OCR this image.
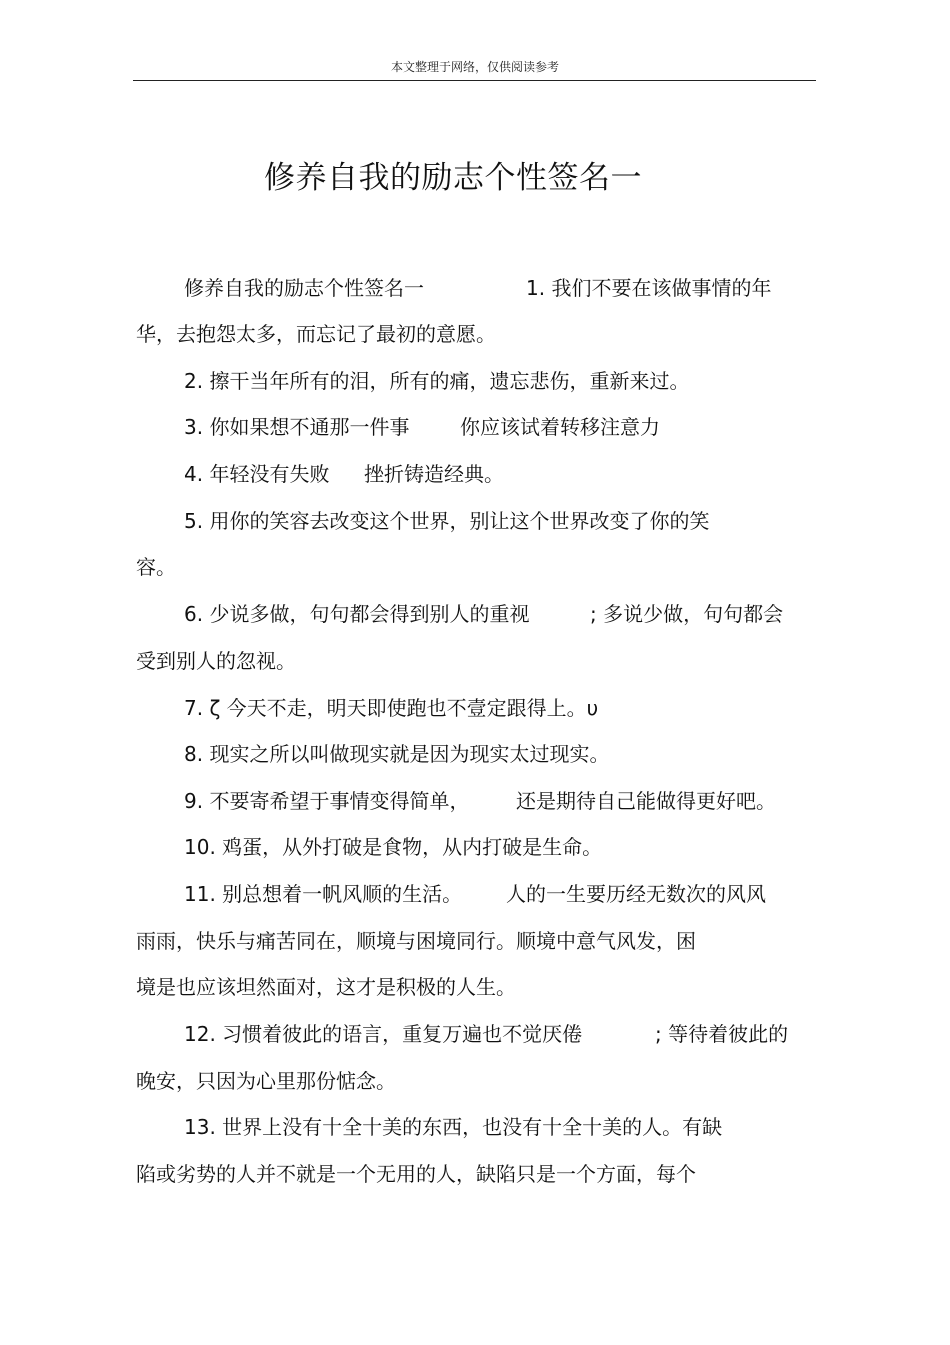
本文整理于网络，仅供阅读参考
修养自我的励志个性签名一
修养自我的励志个性签名一	1. 我们不要在该做事情的年
华，去抱怨太多，而忘记了最初的意愿。
2. 擦干当年所有的泪，所有的痛，遗忘悲伤，重新来过。
3. 你如果想不通那一件事	你应该试着转移注意力
4. 年轻没有失败 挫折铸造经典。
5. 用你的笑容去改变这个世界，别让这个世界改变了你的笑
容。
6. 少说多做，句句都会得到别人的重视	; 多说少做，句句都会
受到别人的忽视。
7. ζ 今天不走，明天即使跑也不壹定跟得上。υ
8. 现实之所以叫做现实就是因为现实太过现实。
9. 不要寄希望于事情变得简单， 还是期待自己能做得更好吧。
10. 鸡蛋，从外打破是食物，从内打破是生命。
11. 别总想着一帆风顺的生活。 人的一生要历经无数次的风风
雨雨，快乐与痛苦同在，顺境与困境同行。顺境中意气风发，困
境是也应该坦然面对，这才是积极的人生。
12. 习惯着彼此的语言，重复万遍也不觉厌倦	; 等待着彼此的
晚安，只因为心里那份惦念。
13. 世界上没有十全十美的东西，也没有十全十美的人。有缺
陷或劣势的人并不就是一个无用的人，缺陷只是一个方面，每个
